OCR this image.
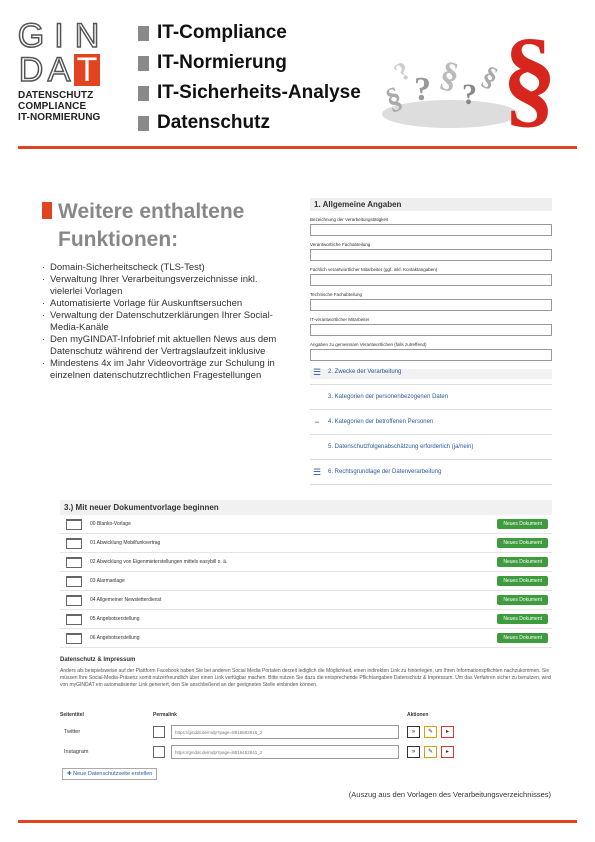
G I N
D A T
DATENSCHUTZ
COMPLIANCE
IT-NORMIERUNG
IT-Compliance
IT-Normierung
IT-Sicherheits-Analyse
Datenschutz
§ ? §
?
? § §
Weitere enthaltene
Funktionen:
· Domain-Sicherheitscheck (TLS-Test)
· Verwaltung Ihrer Verarbeitungsverzeichnisse inkl. vielerlei Vorlagen
· Automatisierte Vorlage für Auskunftsersuchen
· Verwaltung der Datenschutzerklärungen Ihrer Social-Media-Kanäle
· Den myGINDAT-Infobrief mit aktuellen News aus dem Datenschutz während der Vertragslaufzeit inklusive
· Mindestens 4x im Jahr Videovorträge zur Schulung in einzelnen datenschutzrechtlichen Fragestellungen
1. Allgemeine Angaben
Bezeichnung der Verarbeitungstätigkeit
Verantwortliche Fachabteilung
Fachlich verantwortlicher Mitarbeiter (ggf. inkl. Kontaktangaben)
Technische Fachabteilung
IT-verantwortlicher Mitarbeiter
Angaben zu gemeinsam Verantwortlichen (falls zutreffend)
☰	2. Zwecke der Verarbeitung
3. Kategorien der personenbezogenen Daten
−	4. Kategorien der betroffenen Personen
5. Datenschutzfolgenabschätzung erforderlich (ja/nein)
☰	6. Rechtsgrundlage der Datenverarbeitung
3.) Mit neuer Dokumentvorlage beginnen
00 Blanko-Vorlage	Neues Dokument
01 Abwicklung Mobilfunkvertrag	Neues Dokument
02 Abwicklung von Eigenmieterstellungen mittels easybill o. ä.	Neues Dokument
03 Alarmanlage	Neues Dokument
04 Allgemeiner Newsletterdienst	Neues Dokument
05 Angebotserstellung	Neues Dokument
06 Angebotserstellung	Neues Dokument
Datenschutz & Impressum
Anders als beispielsweise auf der Plattform Facebook haben Sie bei anderen Social Media Portalen derzeit lediglich die Möglichkeit, einen indirekten Link zu hinterlegen, um Ihren Informationspflichten nachzukommen. Sie müssen Ihre Social-Media-Präsenz somit nutzerfreundlich über einen Link verfügbar machen. Bitte nutzen Sie dazu die entsprechende Pflichtangaben Datenschutz & Impressum. Um das Verfahren sicher zu benutzen, wird von myGINDAT ein automatisierter Link generiert, den Sie anschließend an der geeigneten Stelle einbinden können.
Seitentitel	Permalink	Aktionen
Twitter	https://gindat.de/mdp?page=8816682815_2	»	✎	▸
Instagram	https://gindat.de/mdp?page=8816452841_2	»	✎	▸
✚ Neue Datenschutzseite erstellen
(Auszug aus den Vorlagen des Verarbeitungsverzeichnisses)
